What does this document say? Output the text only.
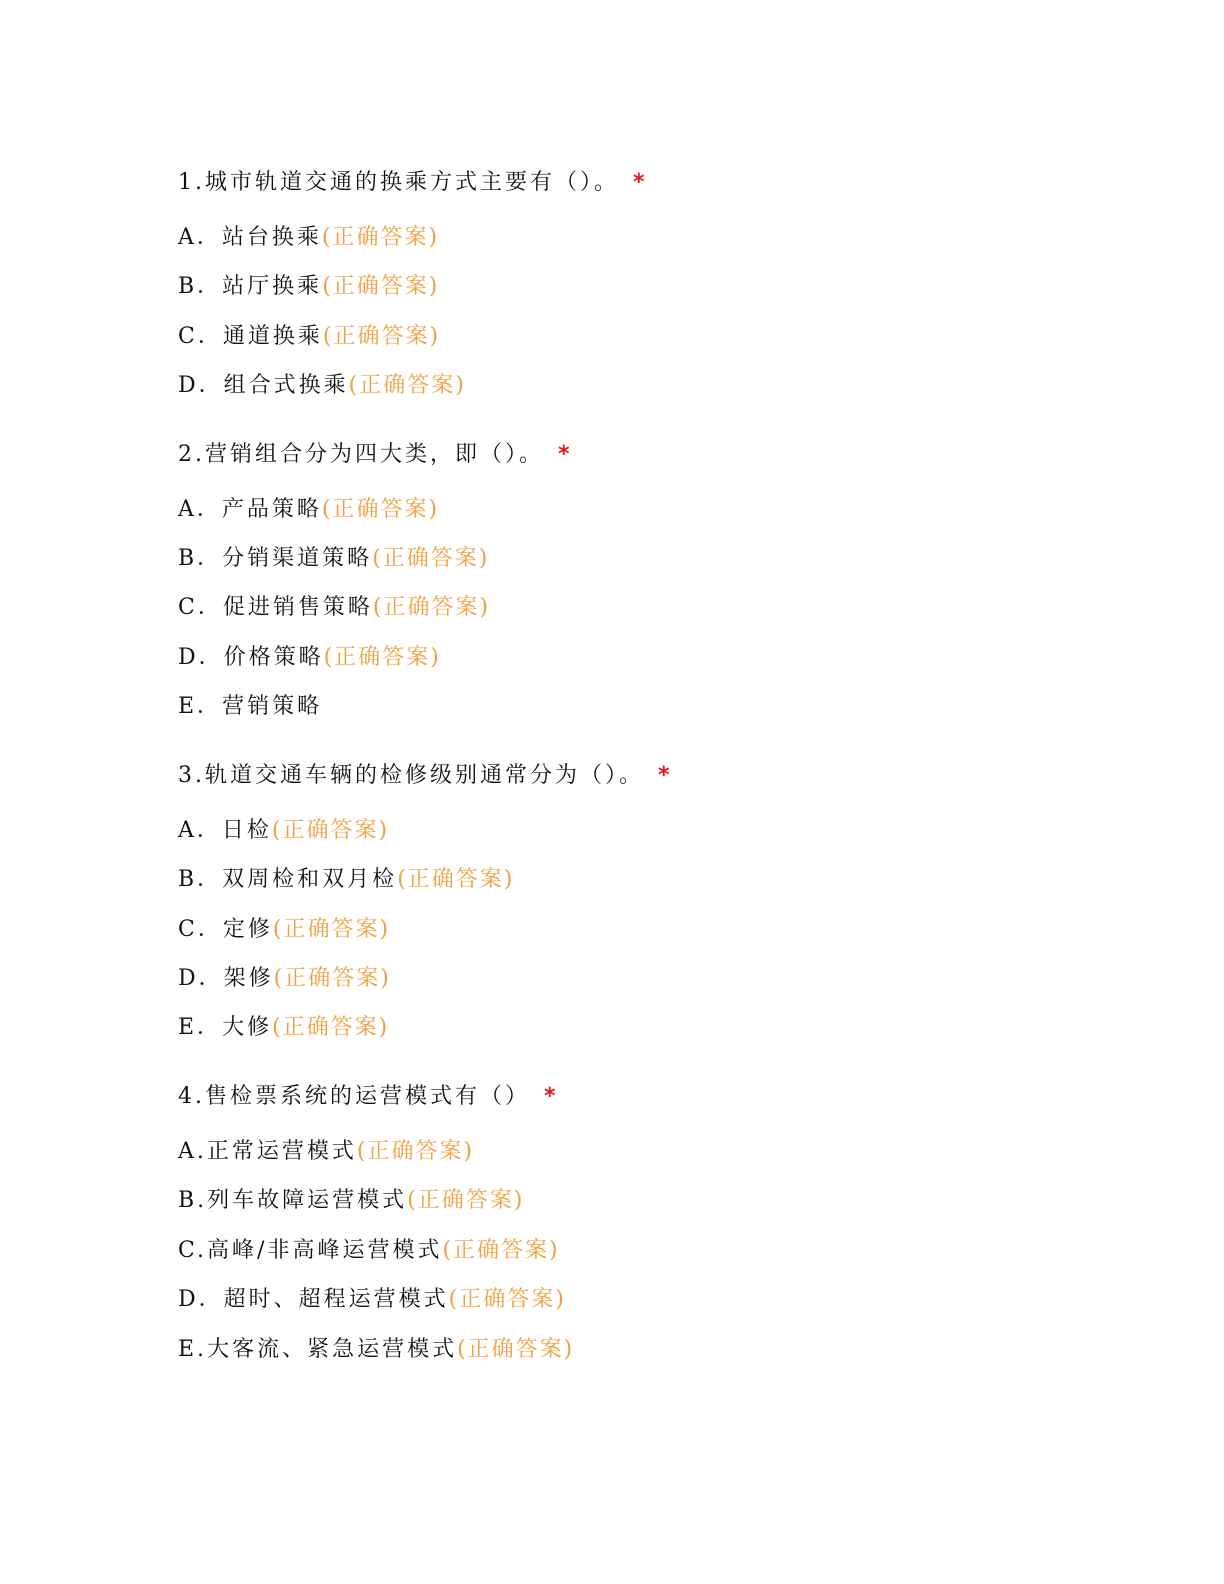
1.城市轨道交通的换乘方式主要有（）。 *
A．站台换乘(正确答案)
B．站厅换乘(正确答案)
C．通道换乘(正确答案)
D．组合式换乘(正确答案)
2.营销组合分为四大类，即（）。 *
A．产品策略(正确答案)
B．分销渠道策略(正确答案)
C．促进销售策略(正确答案)
D．价格策略(正确答案)
E．营销策略
3.轨道交通车辆的检修级别通常分为（）。 *
A．日检(正确答案)
B．双周检和双月检(正确答案)
C．定修(正确答案)
D．架修(正确答案)
E．大修(正确答案)
4.售检票系统的运营模式有（） *
A.正常运营模式(正确答案)
B.列车故障运营模式(正确答案)
C.高峰/非高峰运营模式(正确答案)
D．超时、超程运营模式(正确答案)
E.大客流、紧急运营模式(正确答案)
